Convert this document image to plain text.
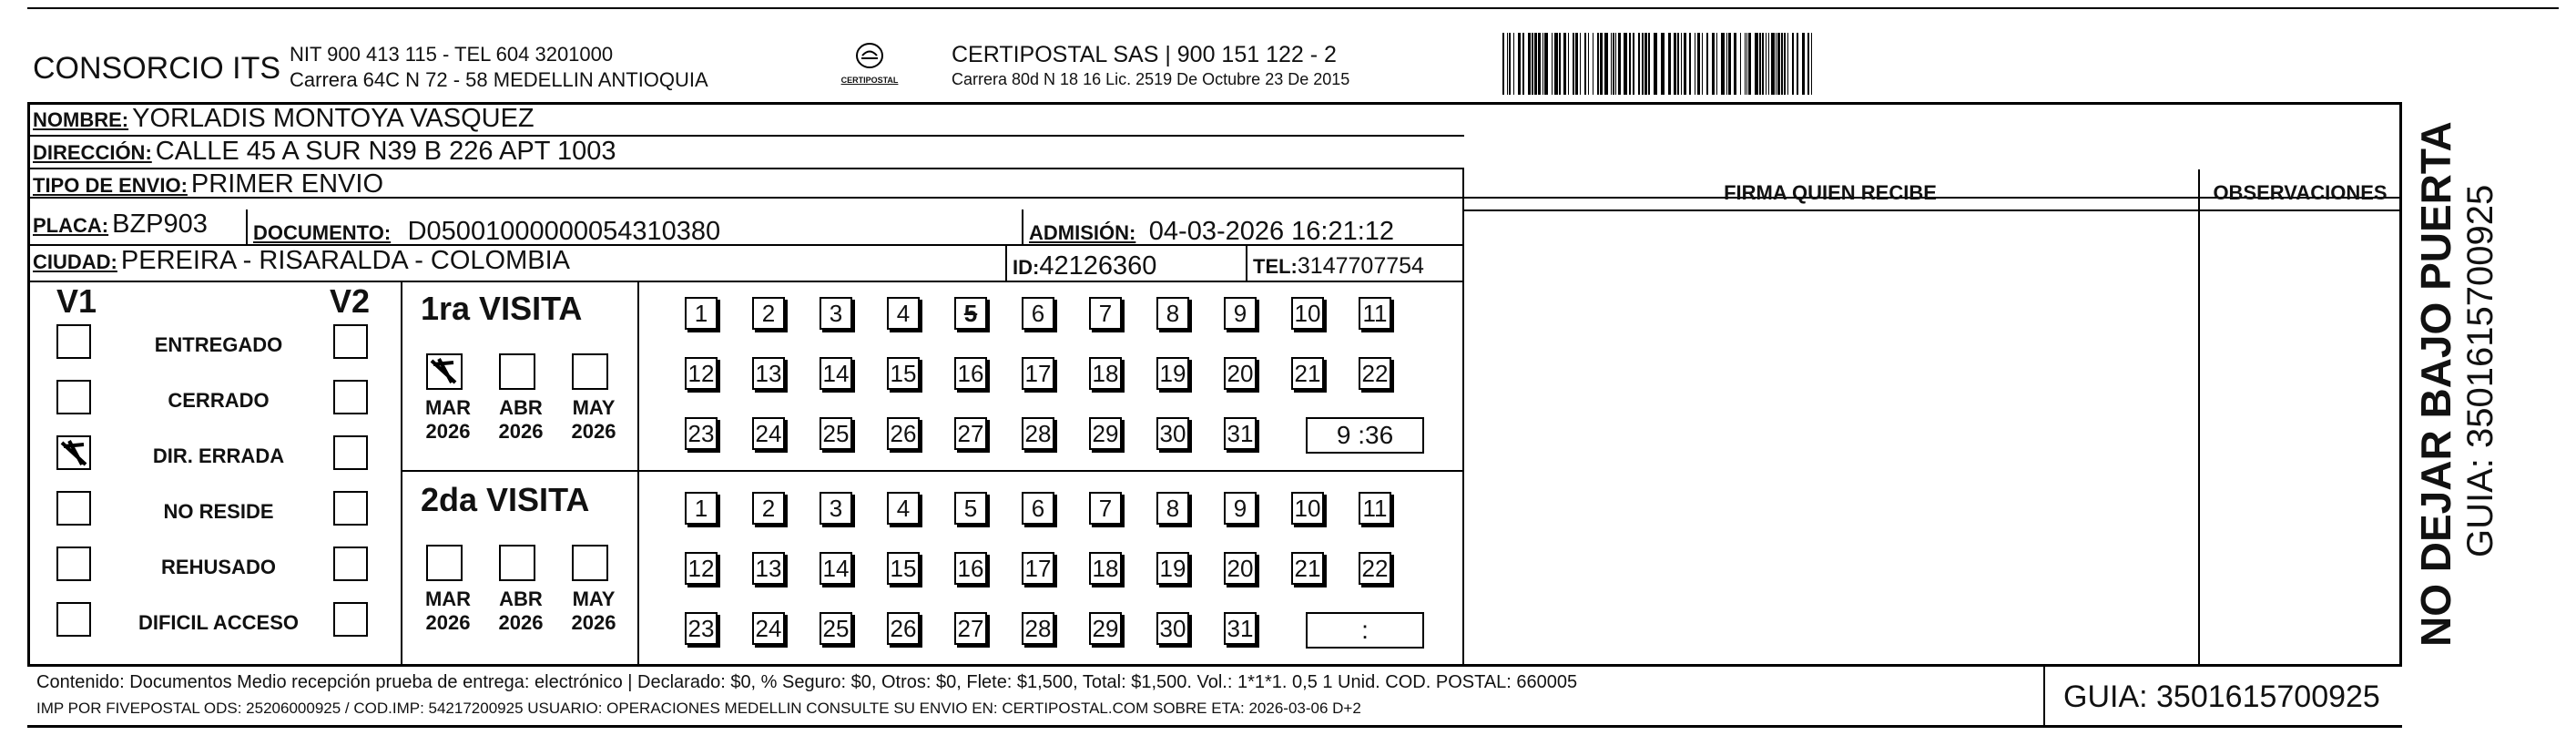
CONSORCIO ITS NIT 900 413 115 - TEL 604 3201000
Carrera 64C N 72 - 58 MEDELLIN ANTIOQUIA	CERTIPOSTAL
CERTIPOSTAL SAS | 900 151 122 - 2
Carrera 80d N 18 16 Lic. 2519 De Octubre 23 De 2015
NOMBRE: YORLADIS MONTOYA VASQUEZ
DIRECCIÓN: CALLE 45 A SUR N39 B 226 APT 1003
TIPO DE ENVIO: PRIMER ENVIO	FIRMA QUIEN RECIBE	OBSERVACIONES
PLACA: BZP903	DOCUMENTO: D05001000000054310380	ADMISIÓN: 04-03-2026 16:21:12
CIUDAD: PEREIRA - RISARALDA - COLOMBIA	ID:42126360	TEL:3147707754
V1	V2 1ra VISITA
2da VISITA
Contenido: Documentos Medio recepción prueba de entrega: electrónico | Declarado: $0, % Seguro: $0, Otros: $0, Flete: $1,500, Total: $1,500. Vol.: 1*1*1. 0,5 1 Unid. COD. POSTAL: 660005
IMP POR FIVEPOSTAL ODS: 25206000925 / COD.IMP: 54217200925 USUARIO: OPERACIONES MEDELLIN CONSULTE SU ENVIO EN: CERTIPOSTAL.COM SOBRE ETA: 2026-03-06 D+2	GUIA: 3501615700925
NO DEJAR BAJO PUERTA GUIA: 3501615700925
ENTREGADO
CERRADO
DIR. ERRADA
NO RESIDE
REHUSADO
DIFICIL ACCESO
MAR
2026
ABR
2026
MAY
2026
MAR
2026
ABR
2026
MAY
2026
1	2	3	4	5	6	7	8	9	10 11
12 13 14 15 16 17 18 19 20 21 22
23 24 25 26 27 28 29 30 31	9 :36
1	2	3	4	5	6	7	8	9	10 11
12 13 14 15 16 17 18 19 20 21 22
23 24 25 26 27 28 29 30 31	:
